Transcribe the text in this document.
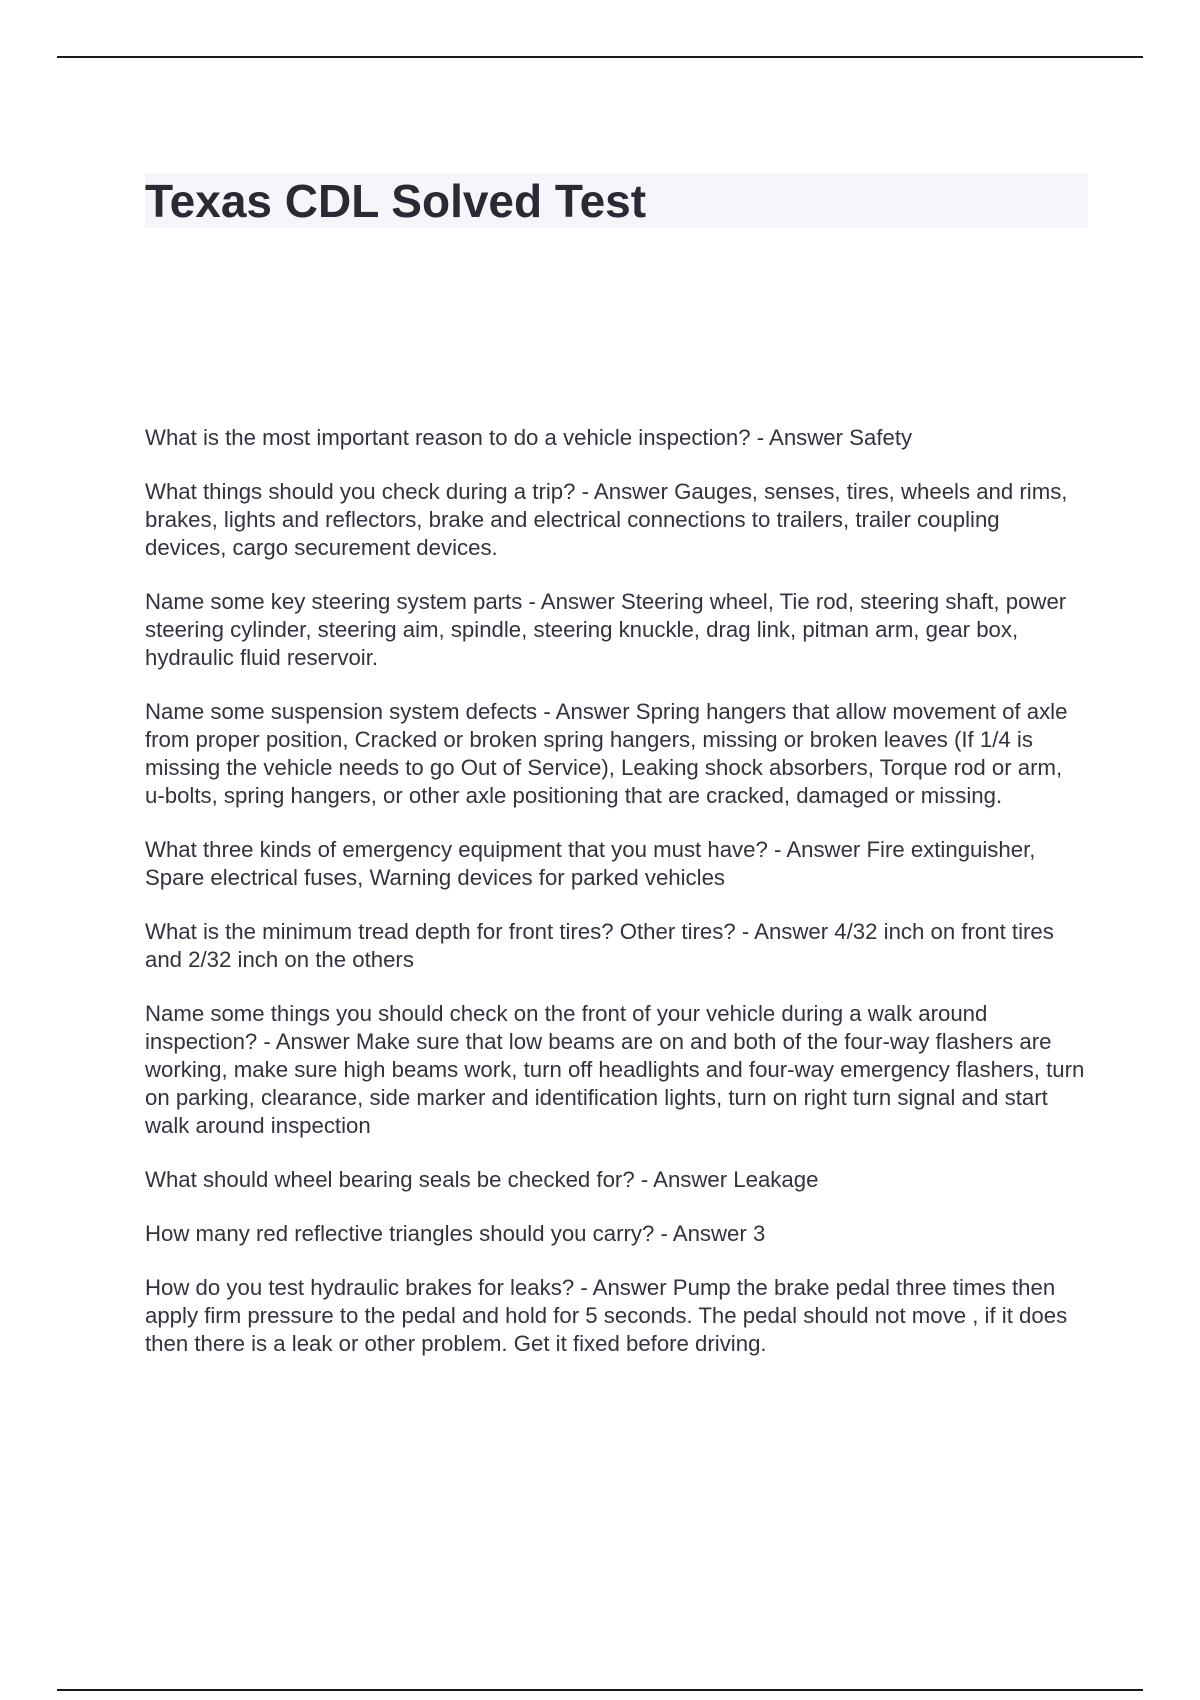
Texas CDL Solved Test

What is the most important reason to do a vehicle inspection? - Answer Safety

What things should you check during a trip? - Answer Gauges, senses, tires, wheels and rims, brakes, lights and reflectors, brake and electrical connections to trailers, trailer coupling devices, cargo securement devices.

Name some key steering system parts - Answer Steering wheel, Tie rod, steering shaft, power steering cylinder, steering aim, spindle, steering knuckle, drag link, pitman arm, gear box, hydraulic fluid reservoir.

Name some suspension system defects - Answer Spring hangers that allow movement of axle from proper position, Cracked or broken spring hangers, missing or broken leaves (If 1/4 is missing the vehicle needs to go Out of Service), Leaking shock absorbers, Torque rod or arm, u-bolts, spring hangers, or other axle positioning that are cracked, damaged or missing.

What three kinds of emergency equipment that you must have? - Answer Fire extinguisher, Spare electrical fuses, Warning devices for parked vehicles

What is the minimum tread depth for front tires? Other tires? - Answer 4/32 inch on front tires and 2/32 inch on the others

Name some things you should check on the front of your vehicle during a walk around inspection? - Answer Make sure that low beams are on and both of the four-way flashers are working, make sure high beams work, turn off headlights and four-way emergency flashers, turn on parking, clearance, side marker and identification lights, turn on right turn signal and start walk around inspection

What should wheel bearing seals be checked for? - Answer Leakage

How many red reflective triangles should you carry? - Answer 3

How do you test hydraulic brakes for leaks? - Answer Pump the brake pedal three times then apply firm pressure to the pedal and hold for 5 seconds. The pedal should not move , if it does then there is a leak or other problem. Get it fixed before driving.
